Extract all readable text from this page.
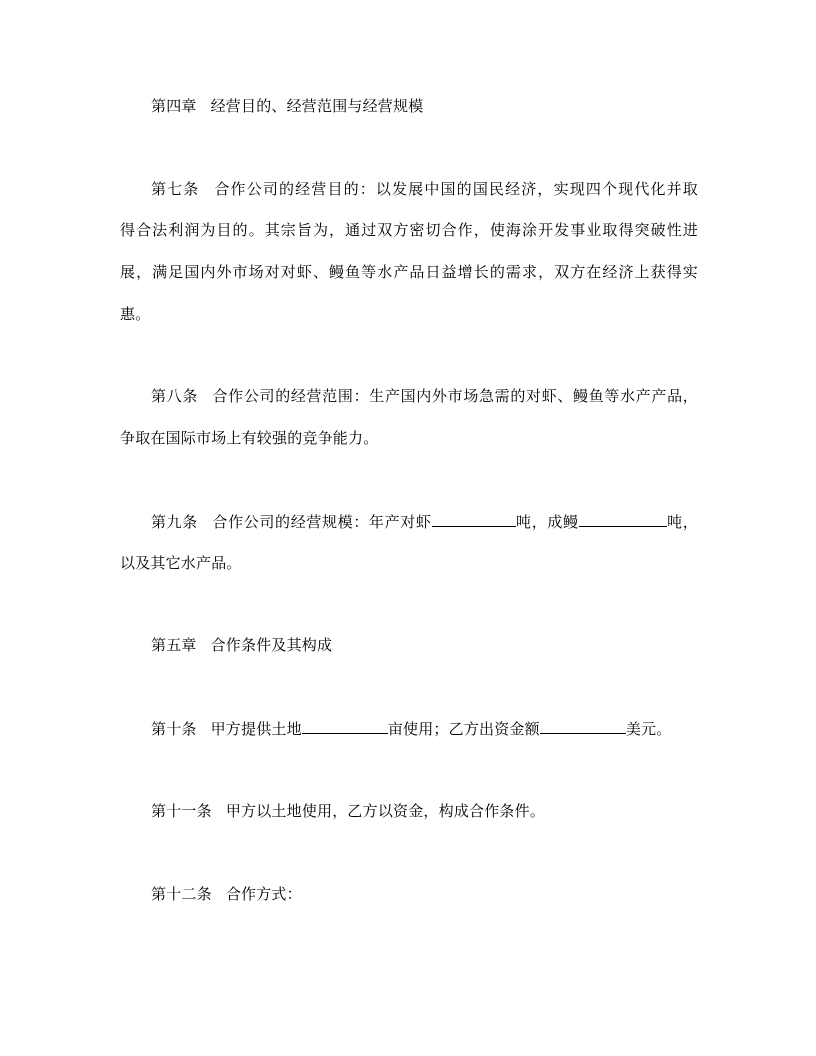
第四章 经营目的、经营范围与经营规模
第七条 合作公司的经营目的：以发展中国的国民经济，实现四个现代化并取
得合法利润为目的。其宗旨为，通过双方密切合作，使海涂开发事业取得突破性进
展，满足国内外市场对对虾、鳗鱼等水产品日益增长的需求，双方在经济上获得实
惠。
第八条 合作公司的经营范围：生产国内外市场急需的对虾、鳗鱼等水产产品，
争取在国际市场上有较强的竞争能力。
第九条 合作公司的经营规模：年产对虾	吨，成鳗	吨，
以及其它水产品。
第五章 合作条件及其构成
第十条 甲方提供土地	亩使用；乙方出资金额	美元。
第十一条 甲方以土地使用，乙方以资金，构成合作条件。
第十二条 合作方式：
